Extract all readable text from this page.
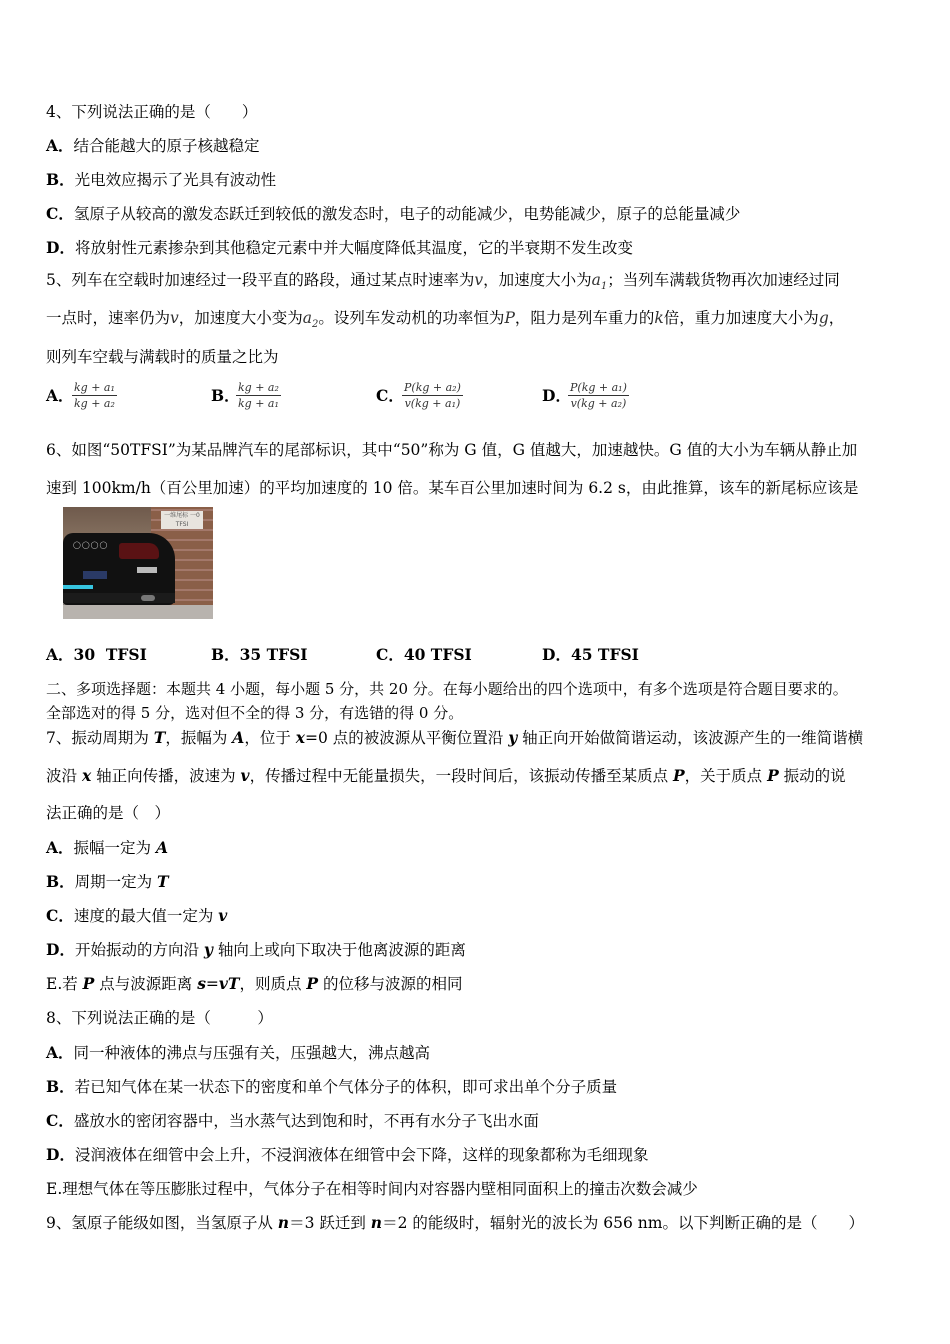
4、下列说法正确的是（　　）
A．结合能越大的原子核越稳定
B．光电效应揭示了光具有波动性
C．氢原子从较高的激发态跃迁到较低的激发态时，电子的动能减少，电势能减少，原子的总能量减少
D．将放射性元素掺杂到其他稳定元素中并大幅度降低其温度，它的半衰期不发生改变
5、列车在空载时加速经过一段平直的路段，通过某点时速率为v，加速度大小为$a_1$；当列车满载货物再次加速经过同
一点时，速率仍为v，加速度大小变为$a_2$。设列车发动机的功率恒为P，阻力是列车重力的k倍，重力加速度大小为g，
则列车空载与满载时的质量之比为
A．
$\frac{\text{kg + a₁}}{\text{kg + a₂}}$	B．
$\frac{\text{kg + a₂}}{\text{kg + a₁}}$	C．
$\frac{\text{P(kg + a₂)}}{\text{v(kg + a₁)}}$	D．
$\frac{\text{P(kg + a₁)}}{\text{v(kg + a₂)}}$
6、如图“50TFSI”为某品牌汽车的尾部标识，其中“50”称为 G 值，G 值越大，加速越快。G 值的大小为车辆从静止加
速到 100km/h（百公里加速）的平均加速度的 10 倍。某车百公里加速时间为 6.2 s，由此推算，该车的新尾标应该是
一维尾标 一0 TFSI
◯◯◯◯
A．30  TFSI	B．35 TFSI	C．40 TFSI	D．45 TFSI
二、多项选择题：本题共 4 小题，每小题 5 分，共 20 分。在每小题给出的四个选项中，有多个选项是符合题目要求的。
全部选对的得 5 分，选对但不全的得 3 分，有选错的得 0 分。
7、振动周期为 T，振幅为 A，位于 x=0 点的被波源从平衡位置沿 y 轴正向开始做简谐运动，该波源产生的一维简谐横
波沿 x 轴正向传播，波速为 v，传播过程中无能量损失，一段时间后，该振动传播至某质点 P，关于质点 P 振动的说
法正确的是（　）
A．振幅一定为 A
B．周期一定为 T
C．速度的最大值一定为 v
D．开始振动的方向沿 y 轴向上或向下取决于他离波源的距离
E.若 P 点与波源距离 s=vT，则质点 P 的位移与波源的相同
8、下列说法正确的是（　　　）
A．同一种液体的沸点与压强有关，压强越大，沸点越高
B．若已知气体在某一状态下的密度和单个气体分子的体积，即可求出单个分子质量
C．盛放水的密闭容器中，当水蒸气达到饱和时，不再有水分子飞出水面
D．浸润液体在细管中会上升，不浸润液体在细管中会下降，这样的现象都称为毛细现象
E.理想气体在等压膨胀过程中，气体分子在相等时间内对容器内壁相同面积上的撞击次数会减少
9、氢原子能级如图，当氢原子从 n＝3 跃迁到 n＝2 的能级时，辐射光的波长为 656 nm。以下判断正确的是（　　）
